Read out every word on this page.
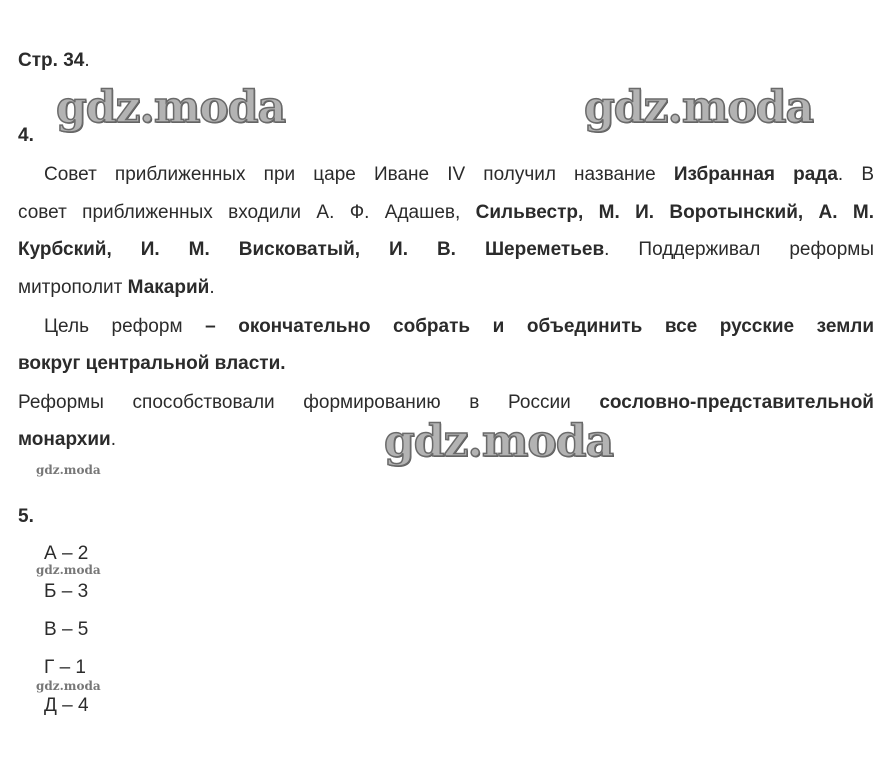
Стр. 34.
gdz.moda	gdz.moda
gdz.moda
gdz.moda
gdz.moda
gdz.moda
4.
Совет приближенных при царе Иване IV получил название Избранная рада. В
совет приближенных входили А. Ф. Адашев, Сильвестр, М. И. Воротынский, А. М.
Курбский, И. М. Висковатый, И. В. Шереметьев. Поддерживал реформы
митрополит Макарий.
Цель реформ – окончательно собрать и объединить все русские земли
вокруг центральной власти.
Реформы способствовали формированию в России сословно-представительной
монархии.
5.
А – 2
Б – 3
В – 5
Г – 1
Д – 4
